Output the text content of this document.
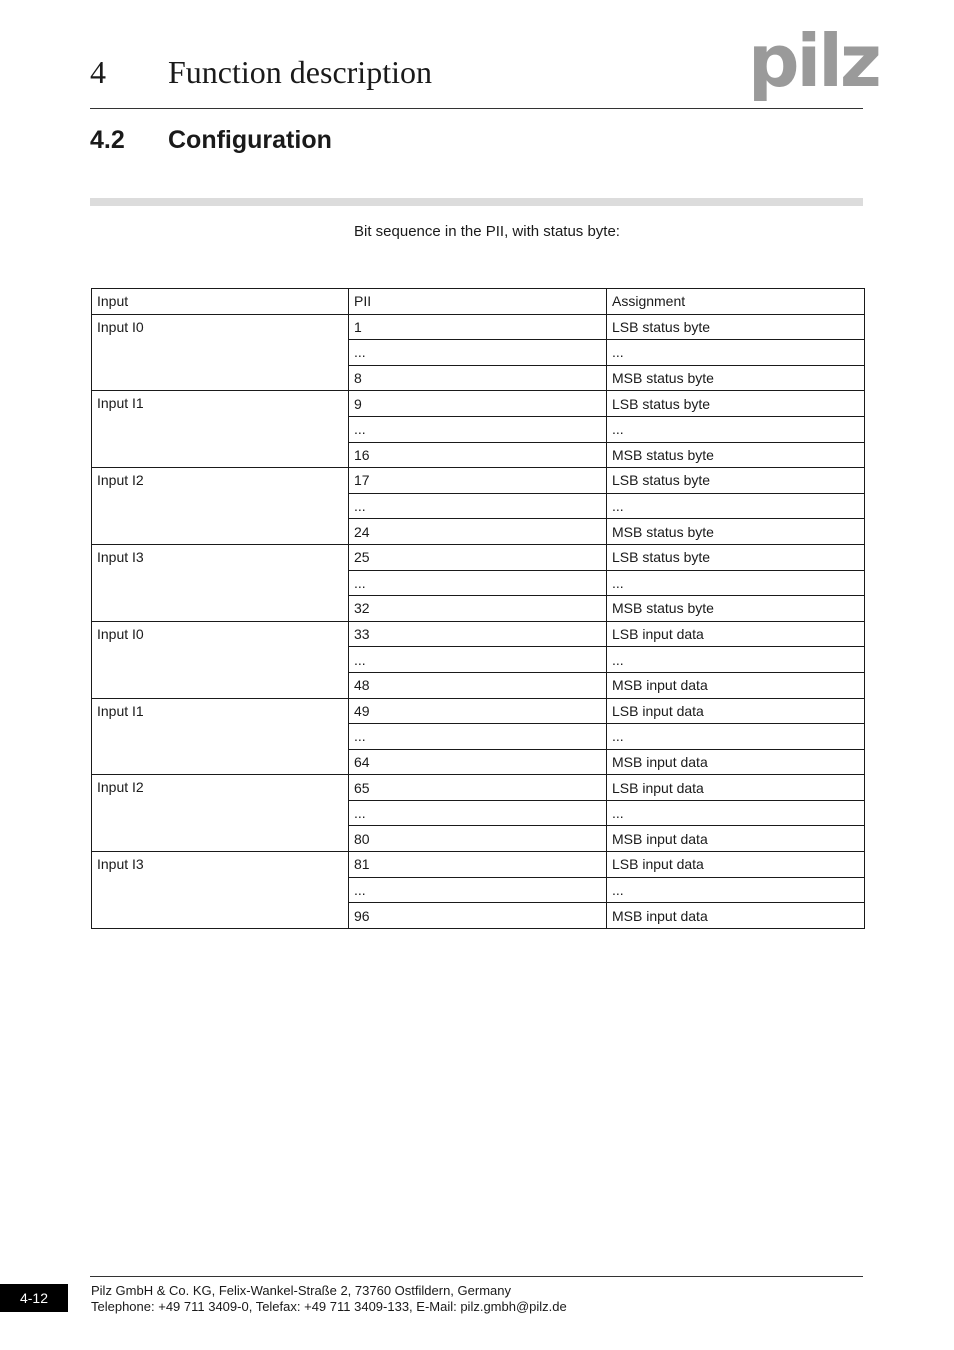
4 Function description	pilz
4.2 Configuration
Bit sequence in the PII, with status byte:
Input	PII	Assignment
Input I0	1	LSB status byte
	...	...
	8	MSB status byte
Input I1	9	LSB status byte
	...	...
	16	MSB status byte
Input I2	17	LSB status byte
	...	...
	24	MSB status byte
Input I3	25	LSB status byte
	...	...
	32	MSB status byte
Input I0	33	LSB input data
	...	...
	48	MSB input data
Input I1	49	LSB input data
	...	...
	64	MSB input data
Input I2	65	LSB input data
	...	...
	80	MSB input data
Input I3	81	LSB input data
	...	...
	96	MSB input data
4-12	Pilz GmbH & Co. KG, Felix-Wankel-Straße 2, 73760 Ostfildern, Germany
Telephone: +49 711 3409-0, Telefax: +49 711 3409-133, E-Mail: pilz.gmbh@pilz.de
